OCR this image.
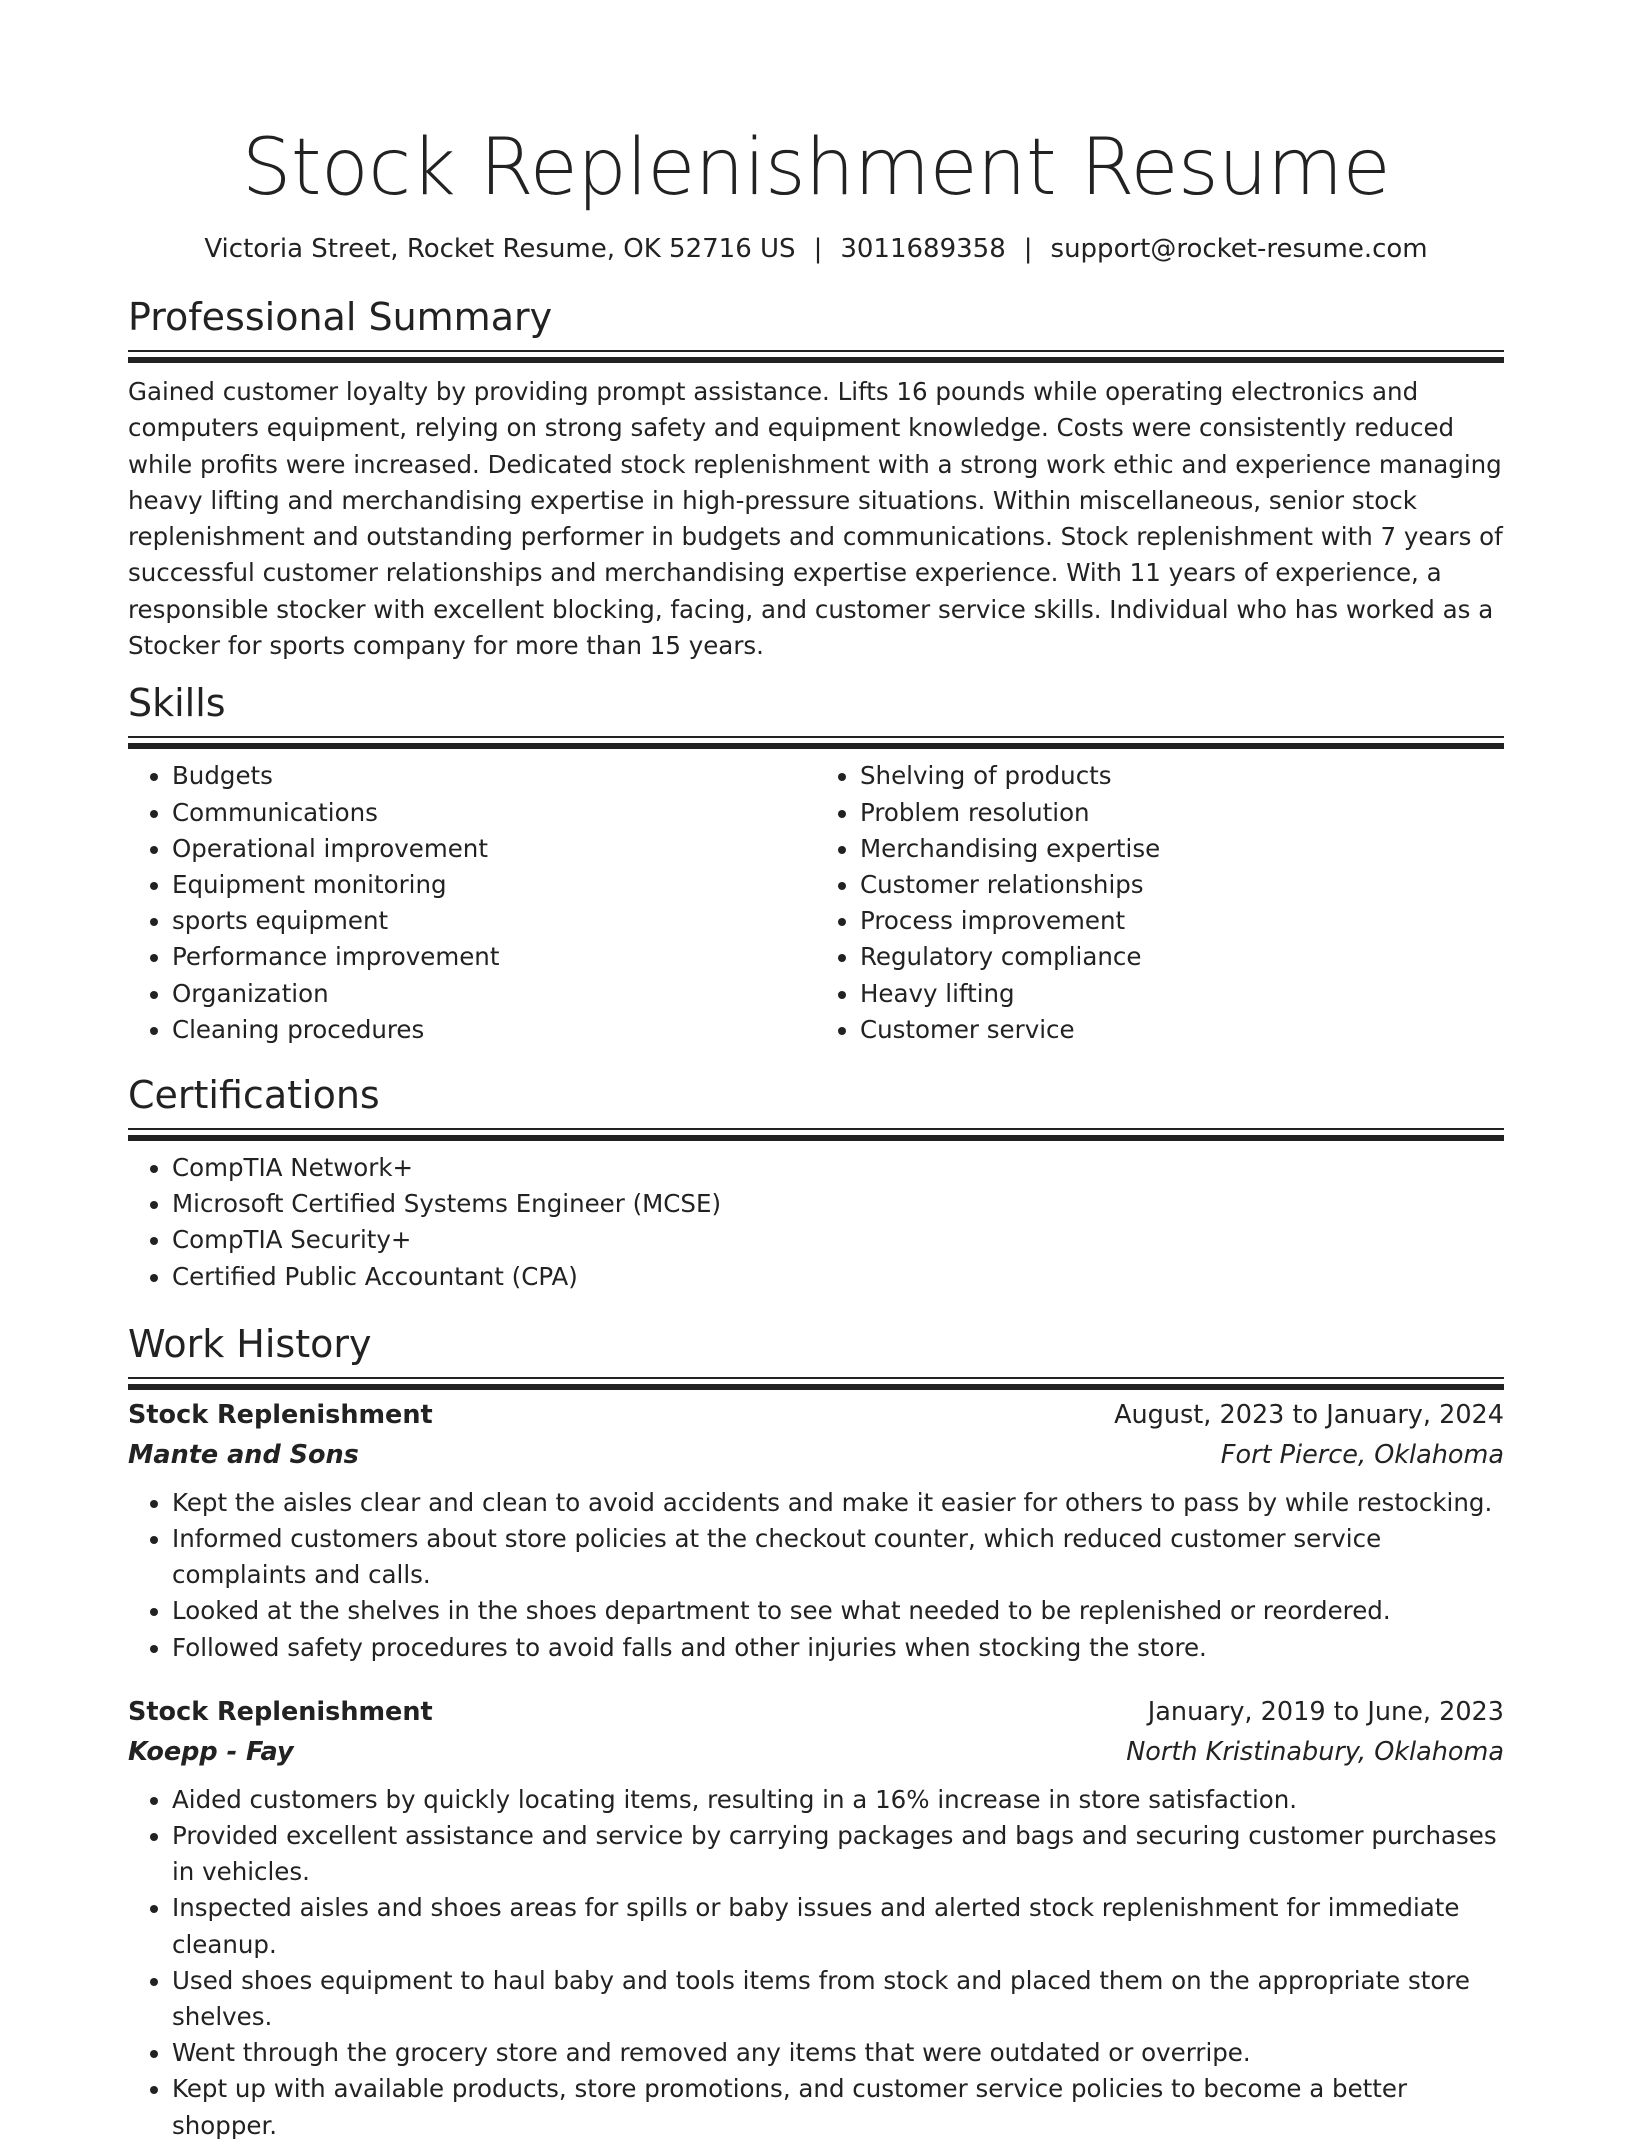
Stock Replenishment Resume
Victoria Street, Rocket Resume, OK 52716 US | 3011689358 | support@rocket-resume.com
Professional Summary
Gained customer loyalty by providing prompt assistance. Lifts 16 pounds while operating electronics and computers equipment, relying on strong safety and equipment knowledge. Costs were consistently reduced while profits were increased. Dedicated stock replenishment with a strong work ethic and experience managing heavy lifting and merchandising expertise in high-pressure situations. Within miscellaneous, senior stock replenishment and outstanding performer in budgets and communications. Stock replenishment with 7 years of successful customer relationships and merchandising expertise experience. With 11 years of experience, a responsible stocker with excellent blocking, facing, and customer service skills. Individual who has worked as a Stocker for sports company for more than 15 years.
Skills
• Budgets
• Communications
• Operational improvement
• Equipment monitoring
• sports equipment
• Performance improvement
• Organization
• Cleaning procedures
• Shelving of products
• Problem resolution
• Merchandising expertise
• Customer relationships
• Process improvement
• Regulatory compliance
• Heavy lifting
• Customer service
Certifications
• CompTIA Network+
• Microsoft Certified Systems Engineer (MCSE)
• CompTIA Security+
• Certified Public Accountant (CPA)
Work History
Stock Replenishment	August, 2023 to January, 2024
Mante and Sons	Fort Pierce, Oklahoma
• Kept the aisles clear and clean to avoid accidents and make it easier for others to pass by while restocking.
• Informed customers about store policies at the checkout counter, which reduced customer service complaints and calls.
• Looked at the shelves in the shoes department to see what needed to be replenished or reordered.
• Followed safety procedures to avoid falls and other injuries when stocking the store.
Stock Replenishment	January, 2019 to June, 2023
Koepp - Fay	North Kristinabury, Oklahoma
• Aided customers by quickly locating items, resulting in a 16% increase in store satisfaction.
• Provided excellent assistance and service by carrying packages and bags and securing customer purchases in vehicles.
• Inspected aisles and shoes areas for spills or baby issues and alerted stock replenishment for immediate cleanup.
• Used shoes equipment to haul baby and tools items from stock and placed them on the appropriate store shelves.
• Went through the grocery store and removed any items that were outdated or overripe.
• Kept up with available products, store promotions, and customer service policies to become a better shopper.
